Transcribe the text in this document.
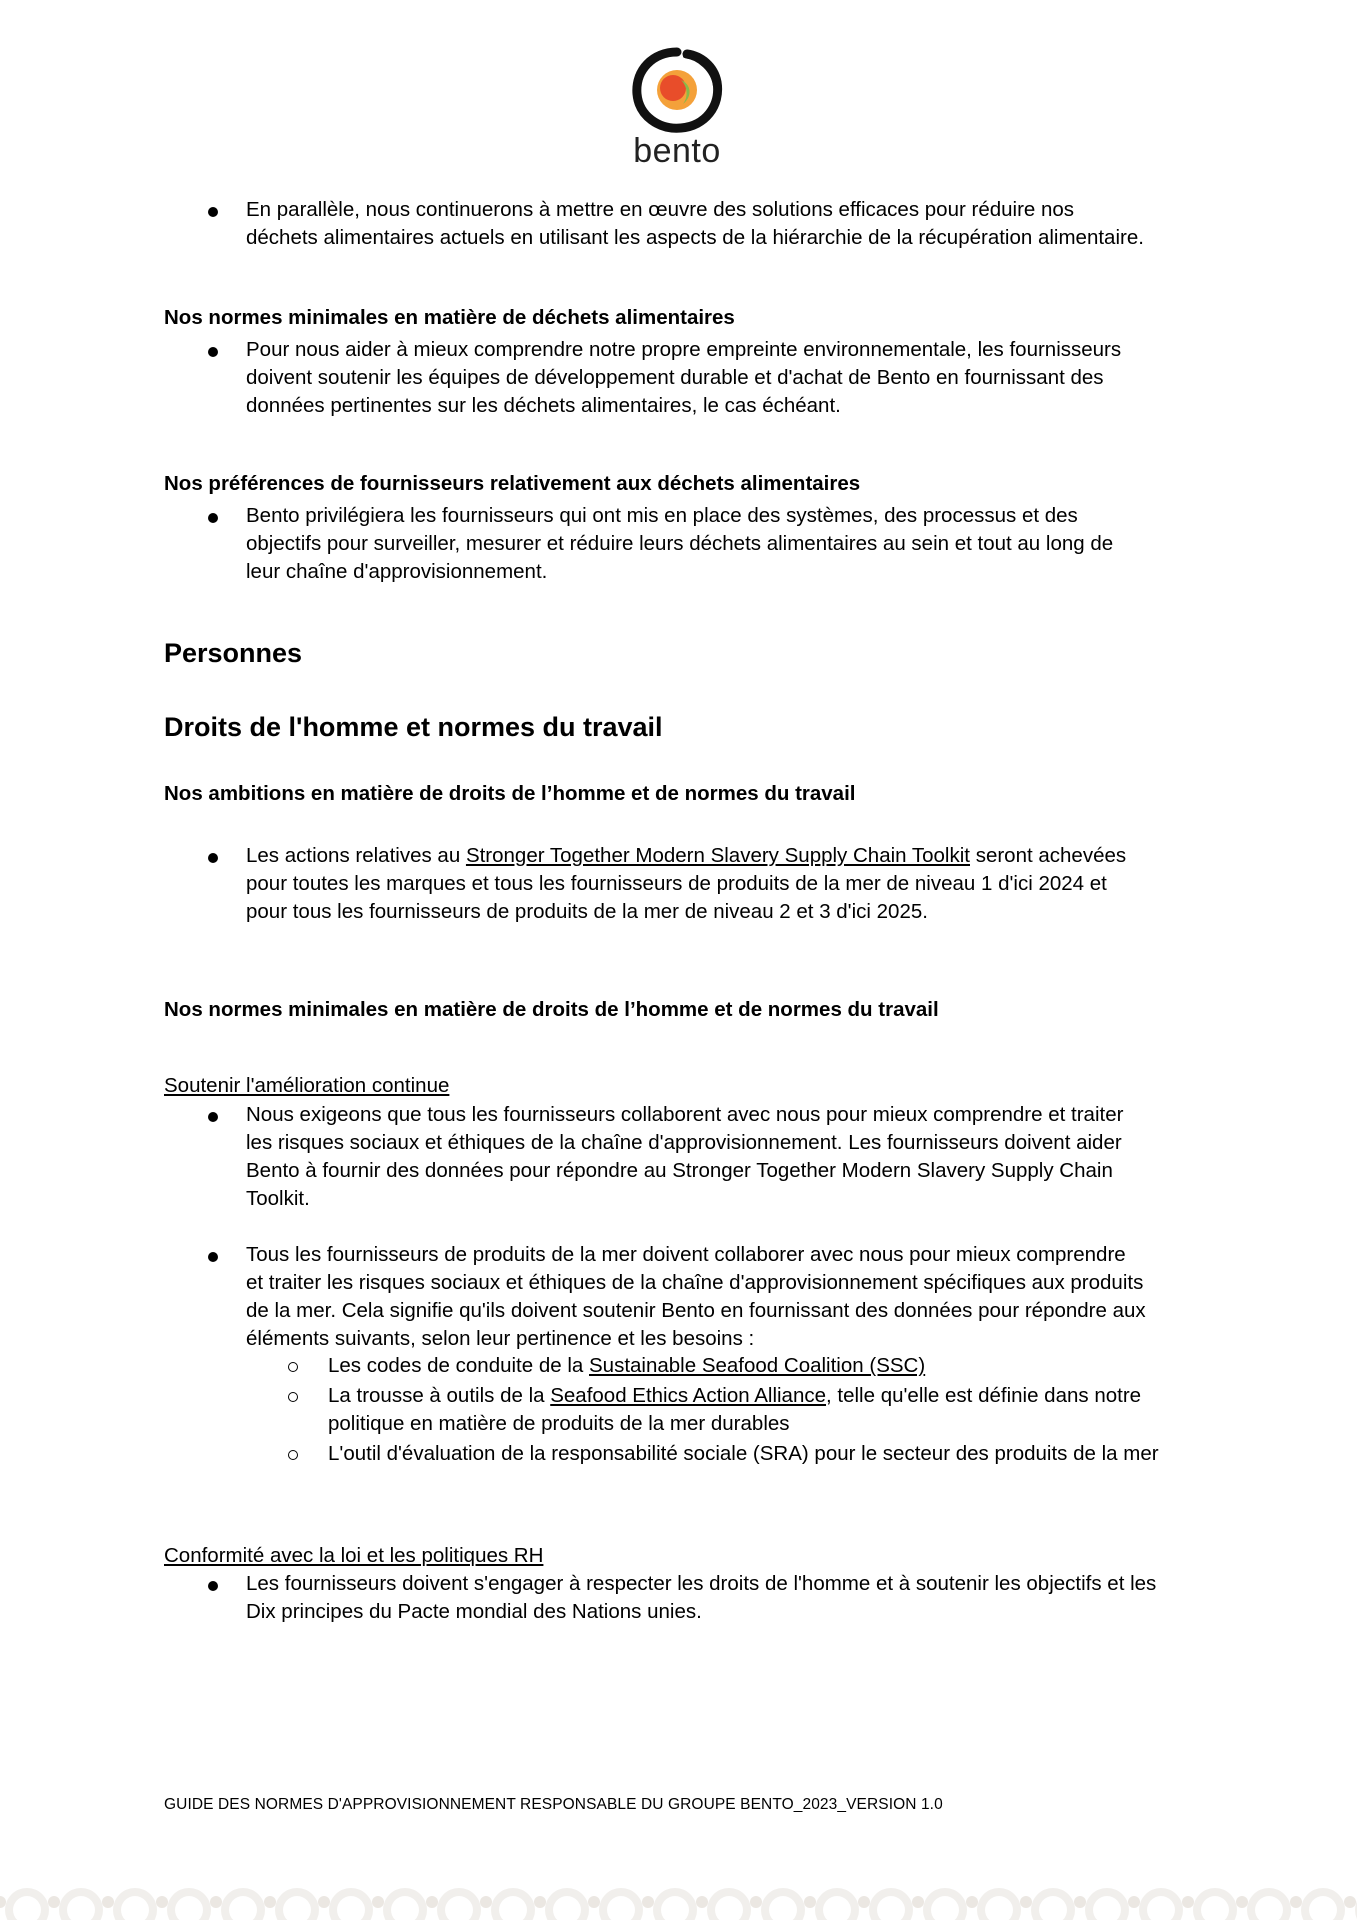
bento
En parallèle, nous continuerons à mettre en œuvre des solutions efficaces pour réduire nos déchets alimentaires actuels en utilisant les aspects de la hiérarchie de la récupération alimentaire.
Nos normes minimales en matière de déchets alimentaires
Pour nous aider à mieux comprendre notre propre empreinte environnementale, les fournisseurs doivent soutenir les équipes de développement durable et d'achat de Bento en fournissant des données pertinentes sur les déchets alimentaires, le cas échéant.
Nos préférences de fournisseurs relativement aux déchets alimentaires
Bento privilégiera les fournisseurs qui ont mis en place des systèmes, des processus et des objectifs pour surveiller, mesurer et réduire leurs déchets alimentaires au sein et tout au long de leur chaîne d'approvisionnement.
Personnes
Droits de l'homme et normes du travail
Nos ambitions en matière de droits de l’homme et de normes du travail
Les actions relatives au Stronger Together Modern Slavery Supply Chain Toolkit seront achevées pour toutes les marques et tous les fournisseurs de produits de la mer de niveau 1 d'ici 2024 et pour tous les fournisseurs de produits de la mer de niveau 2 et 3 d'ici 2025.
Nos normes minimales en matière de droits de l’homme et de normes du travail
Soutenir l'amélioration continue
Nous exigeons que tous les fournisseurs collaborent avec nous pour mieux comprendre et traiter les risques sociaux et éthiques de la chaîne d'approvisionnement. Les fournisseurs doivent aider Bento à fournir des données pour répondre au Stronger Together Modern Slavery Supply Chain Toolkit.
Tous les fournisseurs de produits de la mer doivent collaborer avec nous pour mieux comprendre et traiter les risques sociaux et éthiques de la chaîne d'approvisionnement spécifiques aux produits de la mer. Cela signifie qu'ils doivent soutenir Bento en fournissant des données pour répondre aux éléments suivants, selon leur pertinence et les besoins :
Les codes de conduite de la Sustainable Seafood Coalition (SSC)
La trousse à outils de la Seafood Ethics Action Alliance, telle qu'elle est définie dans notre politique en matière de produits de la mer durables
L'outil d'évaluation de la responsabilité sociale (SRA) pour le secteur des produits de la mer
Conformité avec la loi et les politiques RH
Les fournisseurs doivent s'engager à respecter les droits de l'homme et à soutenir les objectifs et les Dix principes du Pacte mondial des Nations unies.
GUIDE DES NORMES D'APPROVISIONNEMENT RESPONSABLE DU GROUPE BENTO_2023_VERSION 1.0
